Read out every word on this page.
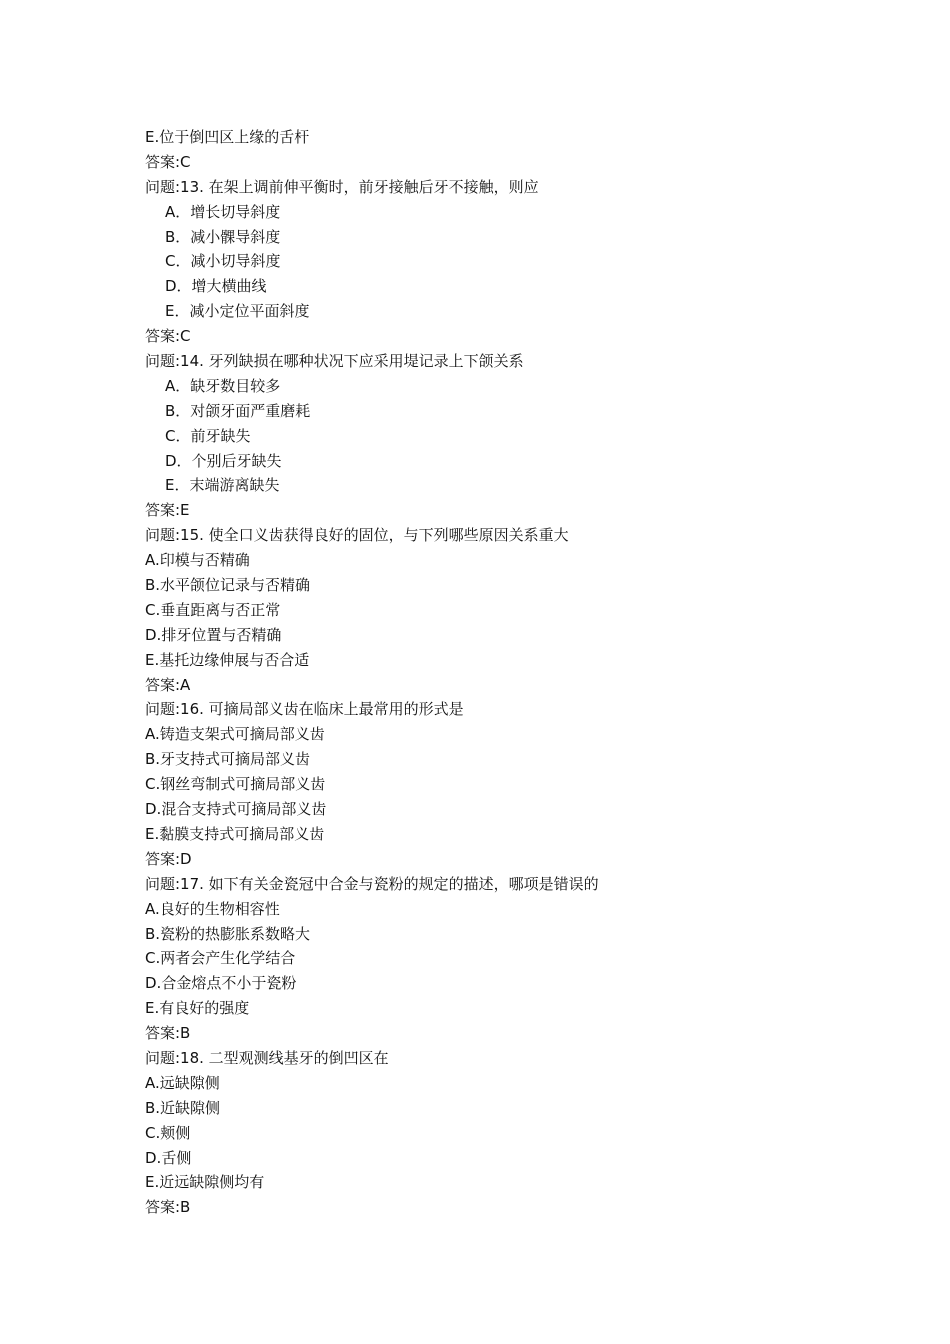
E.位于倒凹区上缘的舌杆
答案:C
问题:13. 在架上调前伸平衡时，前牙接触后牙不接触，则应
A．增长切导斜度
B．减小髁导斜度
C．减小切导斜度
D．增大横曲线
E．减小定位平面斜度
答案:C
问题:14. 牙列缺损在哪种状况下应采用堤记录上下颌关系
A．缺牙数目较多
B．对颌牙面严重磨耗
C．前牙缺失
D．个别后牙缺失
E．末端游离缺失
答案:E
问题:15. 使全口义齿获得良好的固位，与下列哪些原因关系重大
A.印模与否精确
B.水平颌位记录与否精确
C.垂直距离与否正常
D.排牙位置与否精确
E.基托边缘伸展与否合适
答案:A
问题:16. 可摘局部义齿在临床上最常用的形式是
A.铸造支架式可摘局部义齿
B.牙支持式可摘局部义齿
C.钢丝弯制式可摘局部义齿
D.混合支持式可摘局部义齿
E.黏膜支持式可摘局部义齿
答案:D
问题:17. 如下有关金瓷冠中合金与瓷粉的规定的描述，哪项是错误的
A.良好的生物相容性
B.瓷粉的热膨胀系数略大
C.两者会产生化学结合
D.合金熔点不小于瓷粉
E.有良好的强度
答案:B
问题:18. 二型观测线基牙的倒凹区在
A.远缺隙侧
B.近缺隙侧
C.颊侧
D.舌侧
E.近远缺隙侧均有
答案:B
